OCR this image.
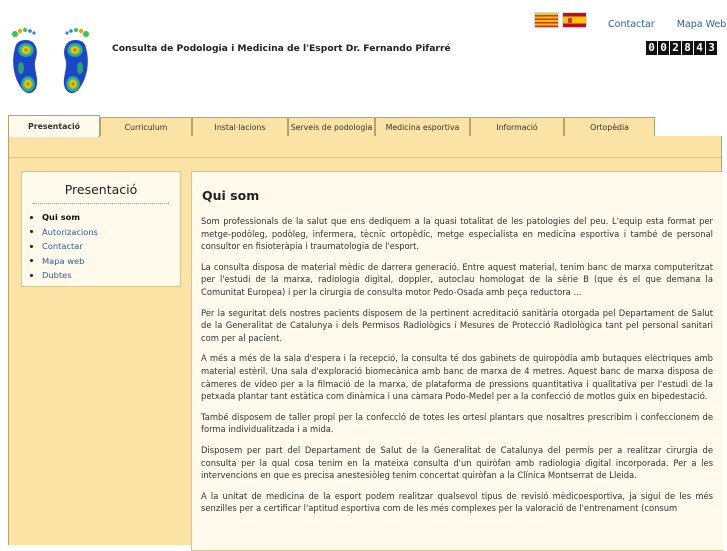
Consulta de Podologia i Medicina de l'Esport Dr. Fernando Pifarré
Contactar Mapa Web
0 0 2 8 4 3
Presentació	Curriculum	Instal·lacions	Serveis de podologia	Medicina esportiva	Informació	Ortopèdia
Presentació
Qui som
Autorizacions
Contactar
Mapa web
Dubtes
Qui som

Som professionals de la salut que ens dediquem a la quasi totalitat de les patologies del peu. L'equip esta format per metge-podòleg, podòleg, infermera, tècnic ortopèdic, metge especialista en medicina esportiva i també de personal consultor en fisioteràpia i traumatologia de l'esport.

La consulta disposa de material mèdic de darrera generació. Entre aquest material, tenim banc de marxa computeritzat per l'estudi de la marxa, radiologia digital, doppler, autoclau homologat de la sèrie B (que és el que demana la Comunitat Europea) i per la cirurgia de consulta motor Pedo-Osada amb peça reductora ...

Per la seguritat dels nostres pacients disposem de la pertinent acreditació sanitària otorgada pel Departament de Salut de la Generalitat de Catalunya i dels Permisos Radiològics i Mesures de Protecció Radiològica tant pel personal sanitari com per al pacient.

A més a més de la sala d'espera i la recepció, la consulta té dos gabinets de quiropòdia amb butaques elèctriques amb material estèril. Una sala d'exploració biomecànica amb banc de marxa de 4 metres. Aquest banc de marxa disposa de càmeres de vídeo per a la filmació de la marxa, de plataforma de pressions quantitativa i qualitativa per l'estudi de la petxada plantar tant estàtica com dinàmica i una càmara Podo-Medel per a la confecció de motlos guix en bipedestació.

També disposem de taller propi per la confecció de totes les ortesi plantars que nosaltres prescribim i confeccionem de forma individualitzada i a mida.

Disposem per part del Departament de Salut de la Generalitat de Catalunya del permís per a realitzar cirurgia de consulta per la qual cosa tenim en la mateixa consulta d'un quiròfan amb radiologia digital incorporada. Per a les intervencions en que es precisa anestesiòleg tenim concertat quiròfan a la Clínica Montserrat de Lleida.

A la unitat de medicina de la esport podem realitzar qualsevol tipus de revisió mèdicoesportiva, ja sigui de les més senzilles per a certificar l'aptitud esportiva com de les més complexes per la valoració de l'entrenament (consum
